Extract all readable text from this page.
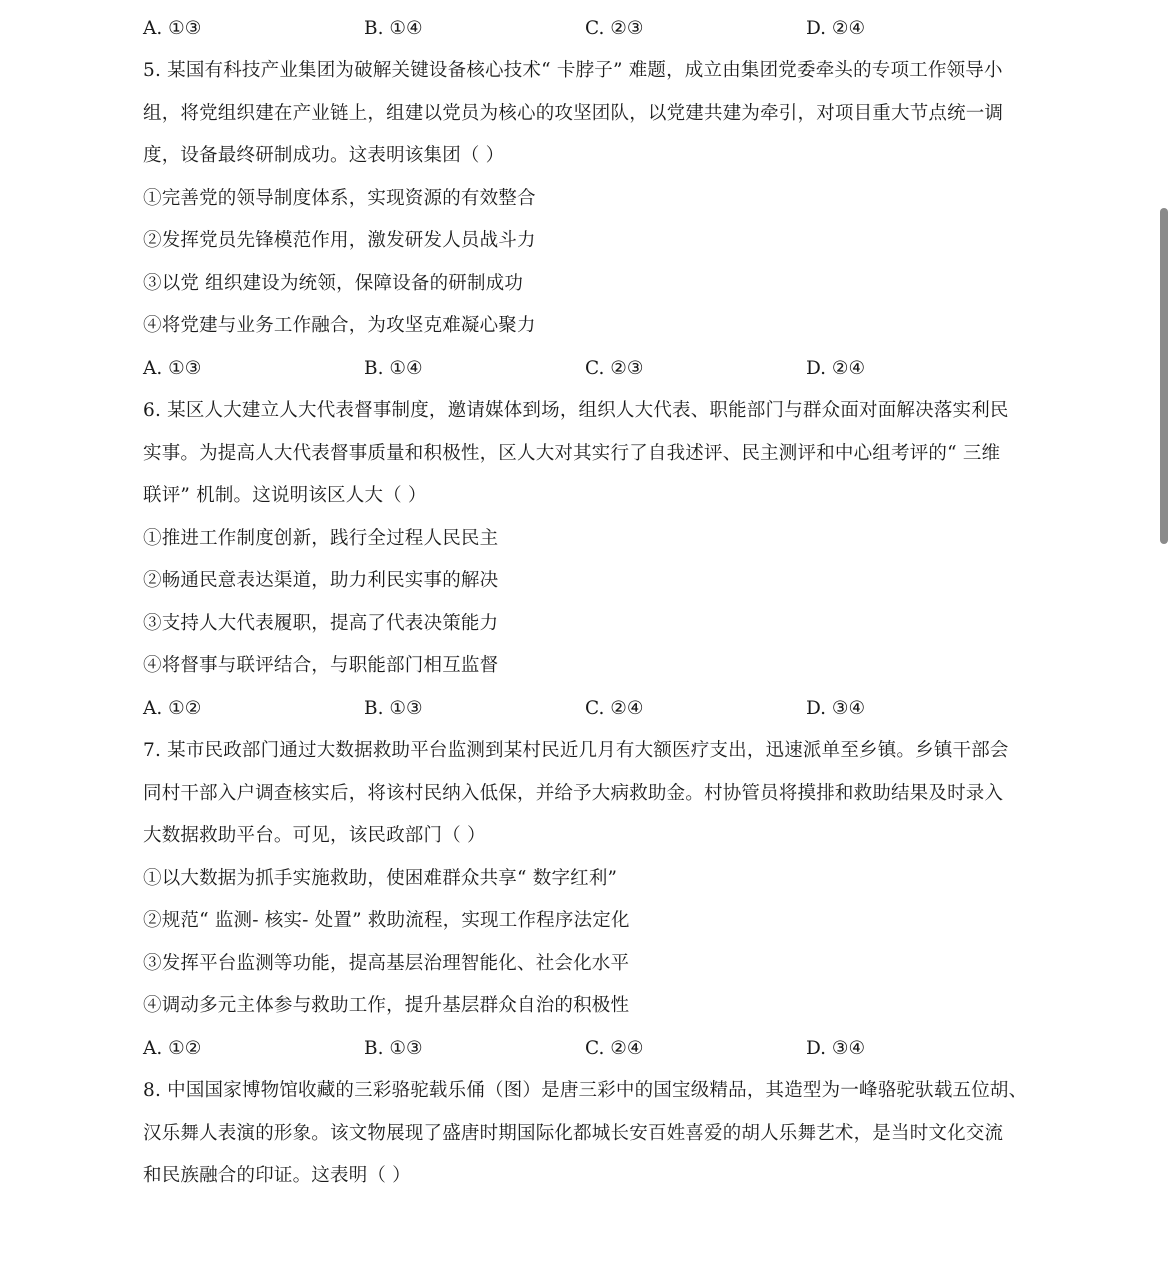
A. ①③	B. ①④	C. ②③	D. ②④
5. 某国有科技产业集团为破解关键设备核心技术“ 卡脖子” 难题，成立由集团党委牵头的专项工作领导小
组，将党组织建在产业链上，组建以党员为核心的攻坚团队，以党建共建为牵引，对项目重大节点统一调
度，设备最终研制成功。这表明该集团（ ）
①完善党的领导制度体系，实现资源的有效整合
②发挥党员先锋模范作用，激发研发人员战斗力
③以党 组织建设为统领，保障设备的研制成功
④将党建与业务工作融合，为攻坚克难凝心聚力
A. ①③	B. ①④	C. ②③	D. ②④
6. 某区人大建立人大代表督事制度，邀请媒体到场，组织人大代表、职能部门与群众面对面解决落实利民
实事。为提高人大代表督事质量和积极性，区人大对其实行了自我述评、民主测评和中心组考评的“ 三维
联评” 机制。这说明该区人大（ ）
①推进工作制度创新，践行全过程人民民主
②畅通民意表达渠道，助力利民实事的解决
③支持人大代表履职，提高了代表决策能力
④将督事与联评结合，与职能部门相互监督
A. ①②	B. ①③	C. ②④	D. ③④
7. 某市民政部门通过大数据救助平台监测到某村民近几月有大额医疗支出，迅速派单至乡镇。乡镇干部会
同村干部入户调查核实后，将该村民纳入低保，并给予大病救助金。村协管员将摸排和救助结果及时录入
大数据救助平台。可见，该民政部门（ ）
①以大数据为抓手实施救助，使困难群众共享“ 数字红利”
②规范“ 监测- 核实- 处置” 救助流程，实现工作程序法定化
③发挥平台监测等功能，提高基层治理智能化、社会化水平
④调动多元主体参与救助工作，提升基层群众自治的积极性
A. ①②	B. ①③	C. ②④	D. ③④
8. 中国国家博物馆收藏的三彩骆驼载乐俑（图）是唐三彩中的国宝级精品，其造型为一峰骆驼驮载五位胡、
汉乐舞人表演的形象。该文物展现了盛唐时期国际化都城长安百姓喜爱的胡人乐舞艺术，是当时文化交流
和民族融合的印证。这表明（ ）
